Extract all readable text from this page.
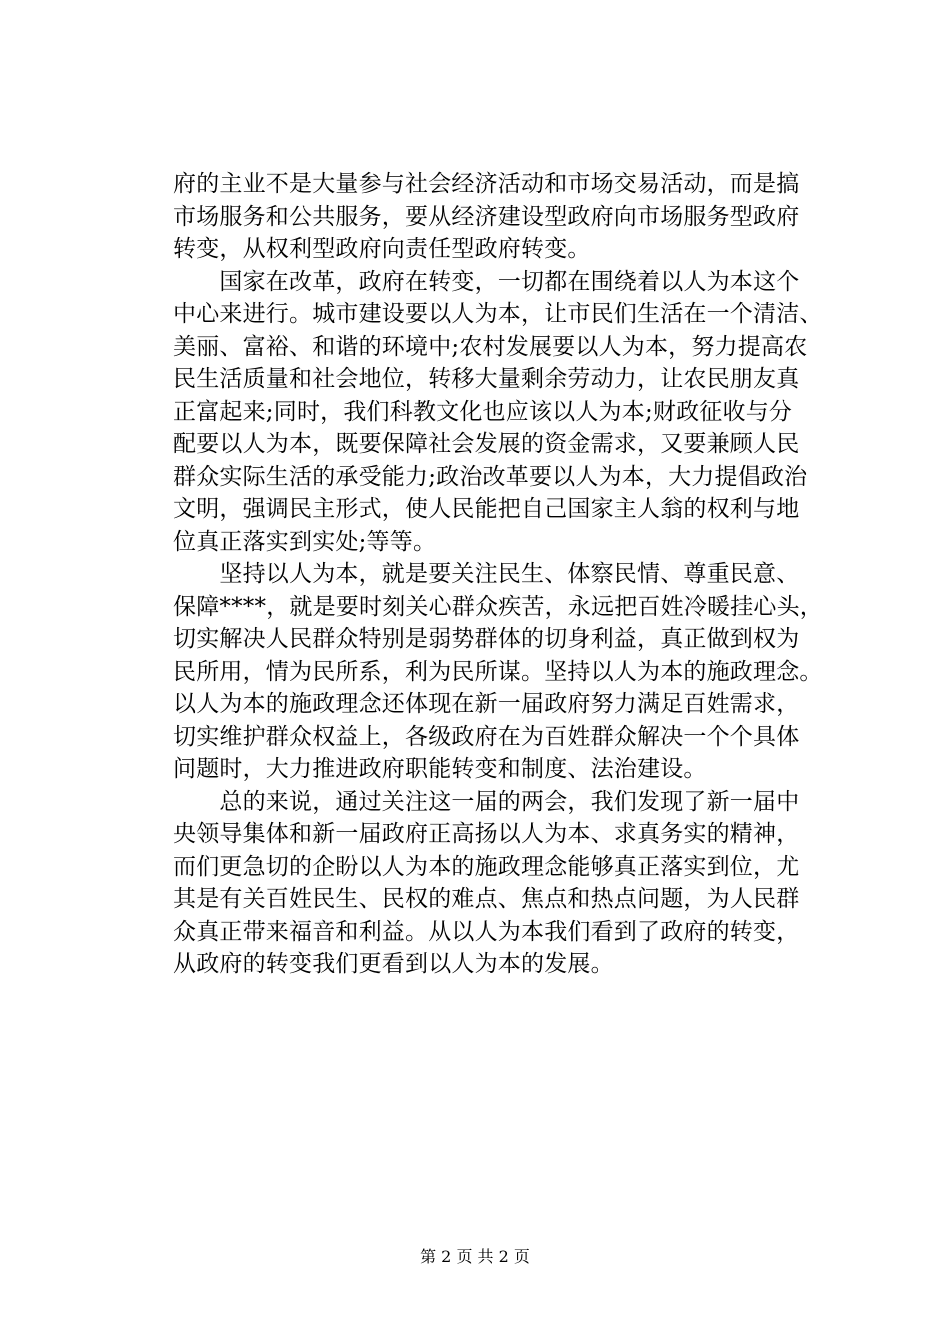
府的主业不是大量参与社会经济活动和市场交易活动，而是搞
市场服务和公共服务，要从经济建设型政府向市场服务型政府
转变，从权利型政府向责任型政府转变。
　　国家在改革，政府在转变，一切都在围绕着以人为本这个
中心来进行。城市建设要以人为本，让市民们生活在一个清洁、
美丽、富裕、和谐的环境中;农村发展要以人为本，努力提高农
民生活质量和社会地位，转移大量剩余劳动力，让农民朋友真
正富起来;同时，我们科教文化也应该以人为本;财政征收与分
配要以人为本，既要保障社会发展的资金需求，又要兼顾人民
群众实际生活的承受能力;政治改革要以人为本，大力提倡政治
文明，强调民主形式，使人民能把自己国家主人翁的权利与地
位真正落实到实处;等等。
　　坚持以人为本，就是要关注民生、体察民情、尊重民意、
保障****，就是要时刻关心群众疾苦，永远把百姓冷暖挂心头，
切实解决人民群众特别是弱势群体的切身利益，真正做到权为
民所用，情为民所系，利为民所谋。坚持以人为本的施政理念。
以人为本的施政理念还体现在新一届政府努力满足百姓需求，
切实维护群众权益上，各级政府在为百姓群众解决一个个具体
问题时，大力推进政府职能转变和制度、法治建设。
　　总的来说，通过关注这一届的两会，我们发现了新一届中
央领导集体和新一届政府正高扬以人为本、求真务实的精神，
而们更急切的企盼以人为本的施政理念能够真正落实到位，尤
其是有关百姓民生、民权的难点、焦点和热点问题，为人民群
众真正带来福音和利益。从以人为本我们看到了政府的转变，
从政府的转变我们更看到以人为本的发展。
第 2 页 共 2 页
